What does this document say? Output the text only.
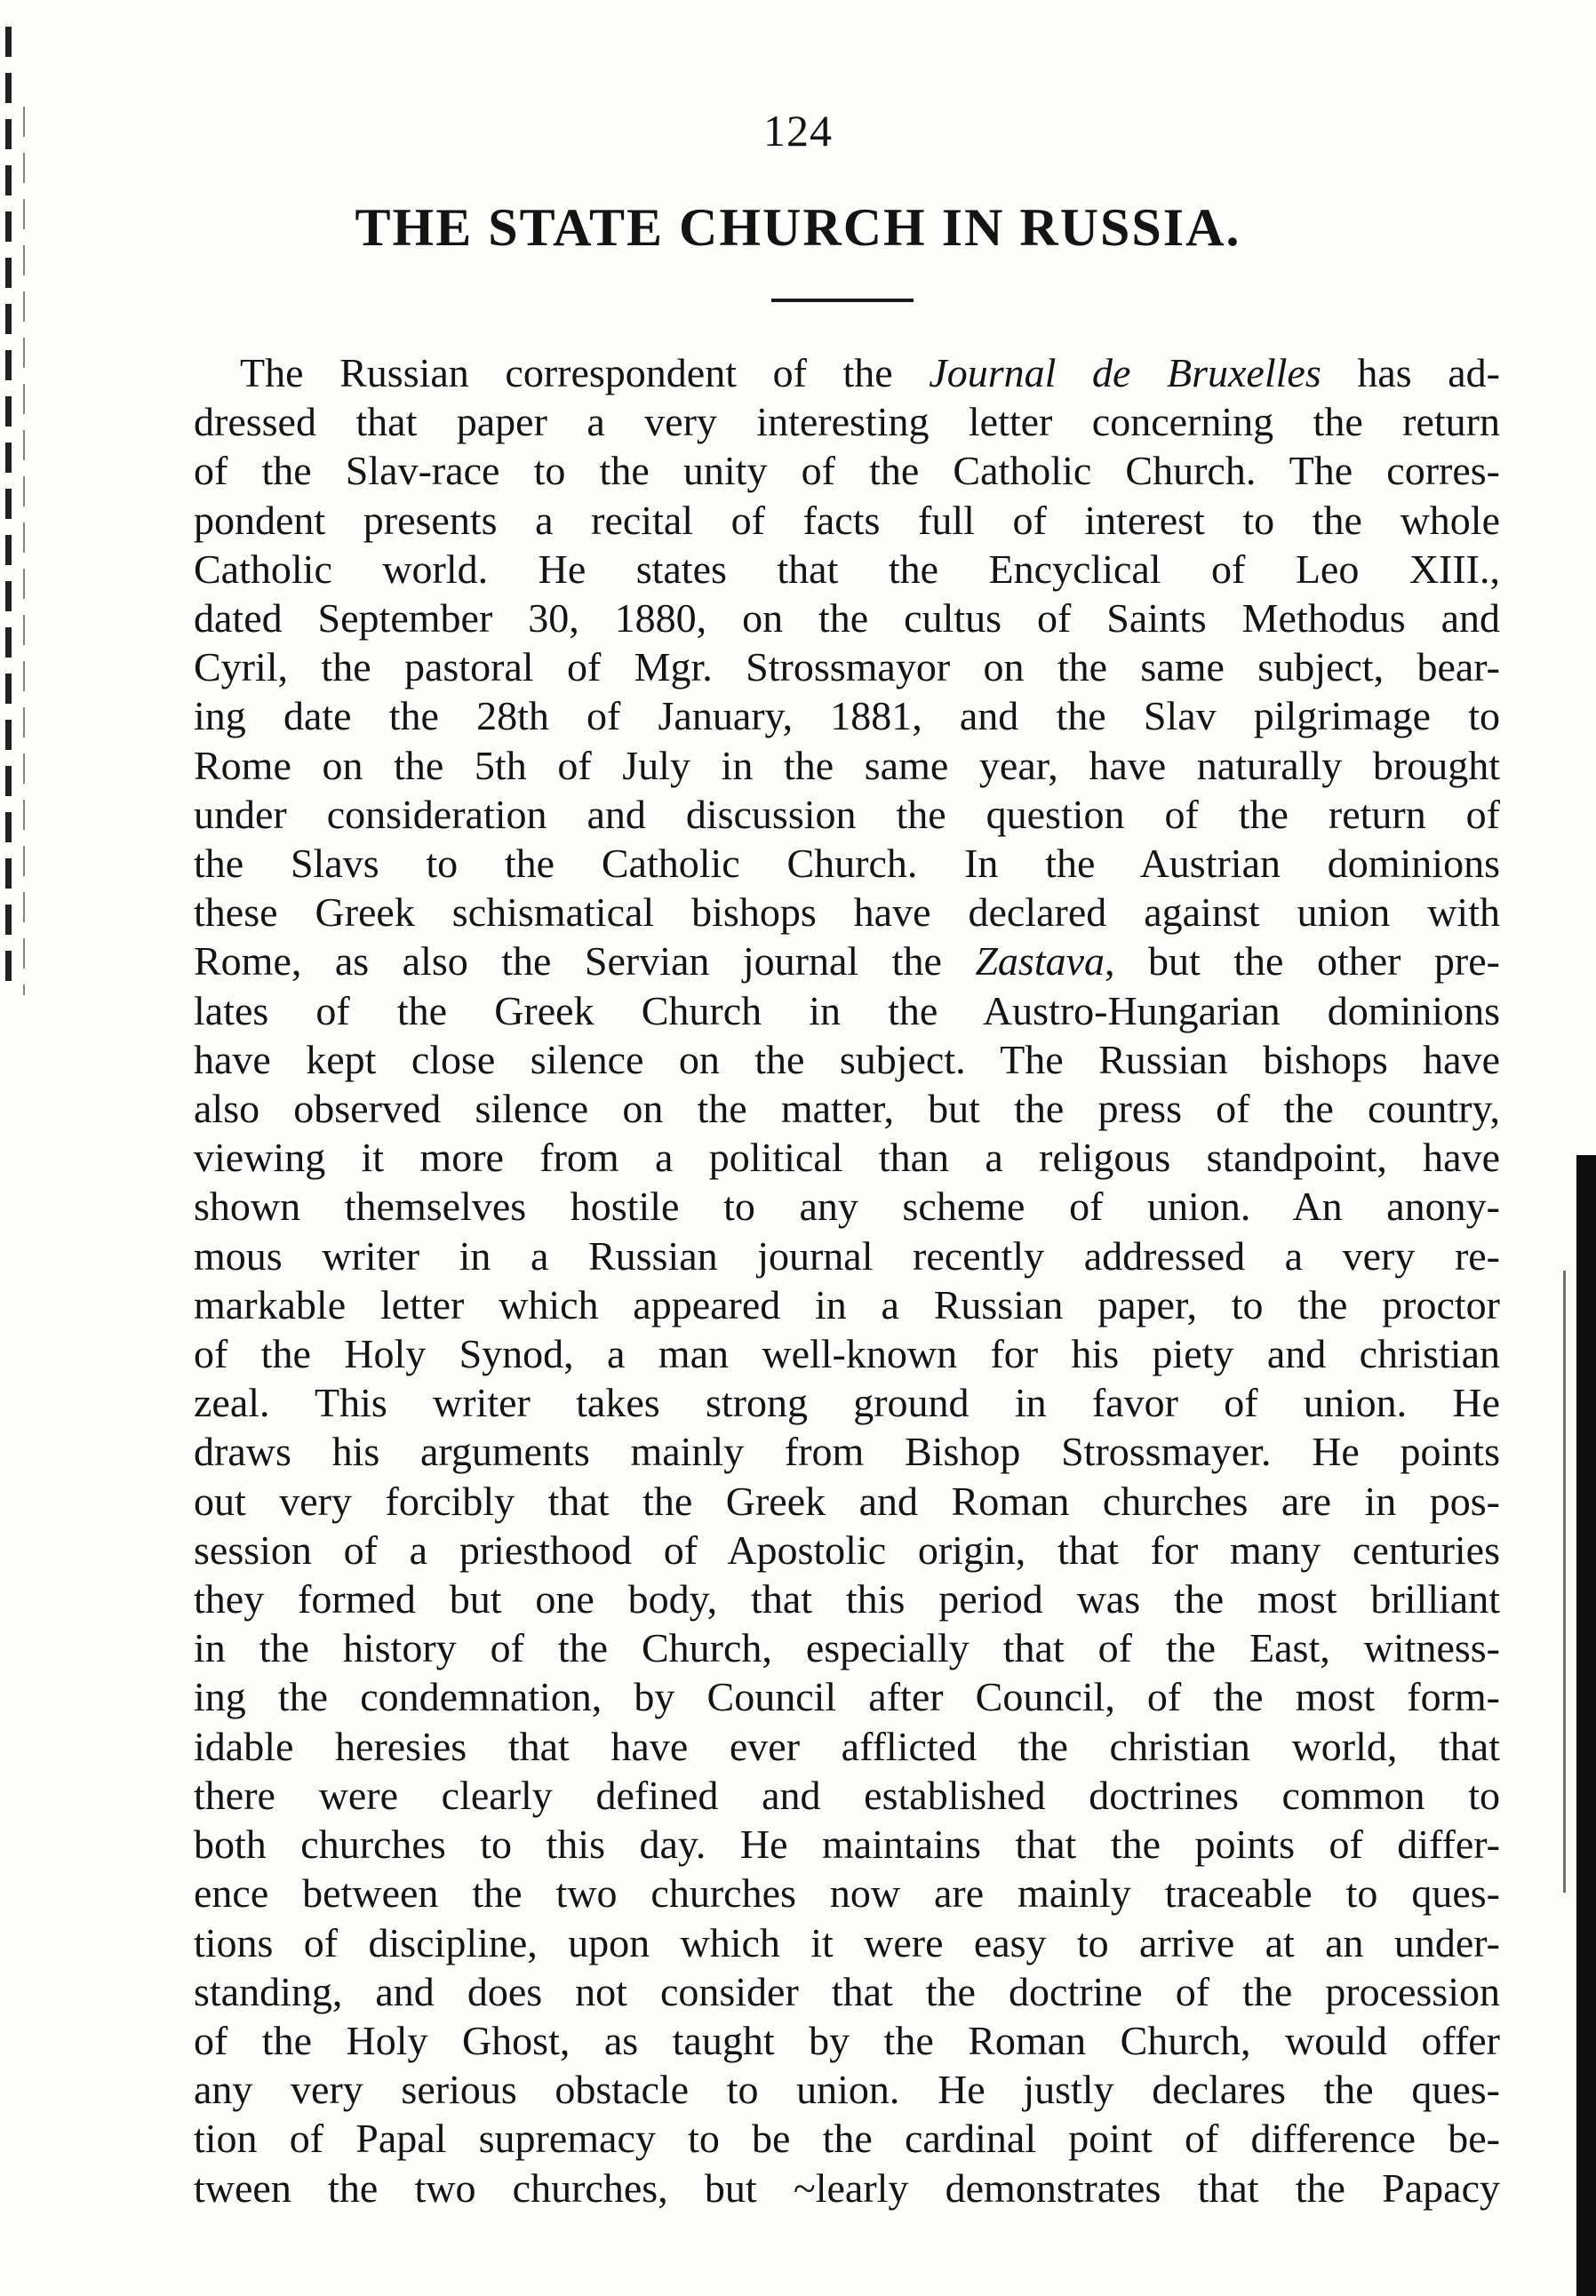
124
THE STATE CHURCH IN RUSSIA.
The Russian correspondent of the Journal de Bruxelles has ad-
dressed that paper a very interesting letter concerning the return
of the Slav-race to the unity of the Catholic Church. The corres-
pondent presents a recital of facts full of interest to the whole
Catholic world. He states that the Encyclical of Leo XIII.,
dated September 30, 1880, on the cultus of Saints Methodus and
Cyril, the pastoral of Mgr. Strossmayor on the same subject, bear-
ing date the 28th of January, 1881, and the Slav pilgrimage to
Rome on the 5th of July in the same year, have naturally brought
under consideration and discussion the question of the return of
the Slavs to the Catholic Church. In the Austrian dominions
these Greek schismatical bishops have declared against union with
Rome, as also the Servian journal the Zastava, but the other pre-
lates of the Greek Church in the Austro-Hungarian dominions
have kept close silence on the subject. The Russian bishops have
also observed silence on the matter, but the press of the country,
viewing it more from a political than a religous standpoint, have
shown themselves hostile to any scheme of union. An anony-
mous writer in a Russian journal recently addressed a very re-
markable letter which appeared in a Russian paper, to the proctor
of the Holy Synod, a man well-known for his piety and christian
zeal. This writer takes strong ground in favor of union. He
draws his arguments mainly from Bishop Strossmayer. He points
out very forcibly that the Greek and Roman churches are in pos-
session of a priesthood of Apostolic origin, that for many centuries
they formed but one body, that this period was the most brilliant
in the history of the Church, especially that of the East, witness-
ing the condemnation, by Council after Council, of the most form-
idable heresies that have ever afflicted the christian world, that
there were clearly defined and established doctrines common to
both churches to this day. He maintains that the points of differ-
ence between the two churches now are mainly traceable to ques-
tions of discipline, upon which it were easy to arrive at an under-
standing, and does not consider that the doctrine of the procession
of the Holy Ghost, as taught by the Roman Church, would offer
any very serious obstacle to union. He justly declares the ques-
tion of Papal supremacy to be the cardinal point of difference be-
tween the two churches, but ~learly demonstrates that the Papacy
